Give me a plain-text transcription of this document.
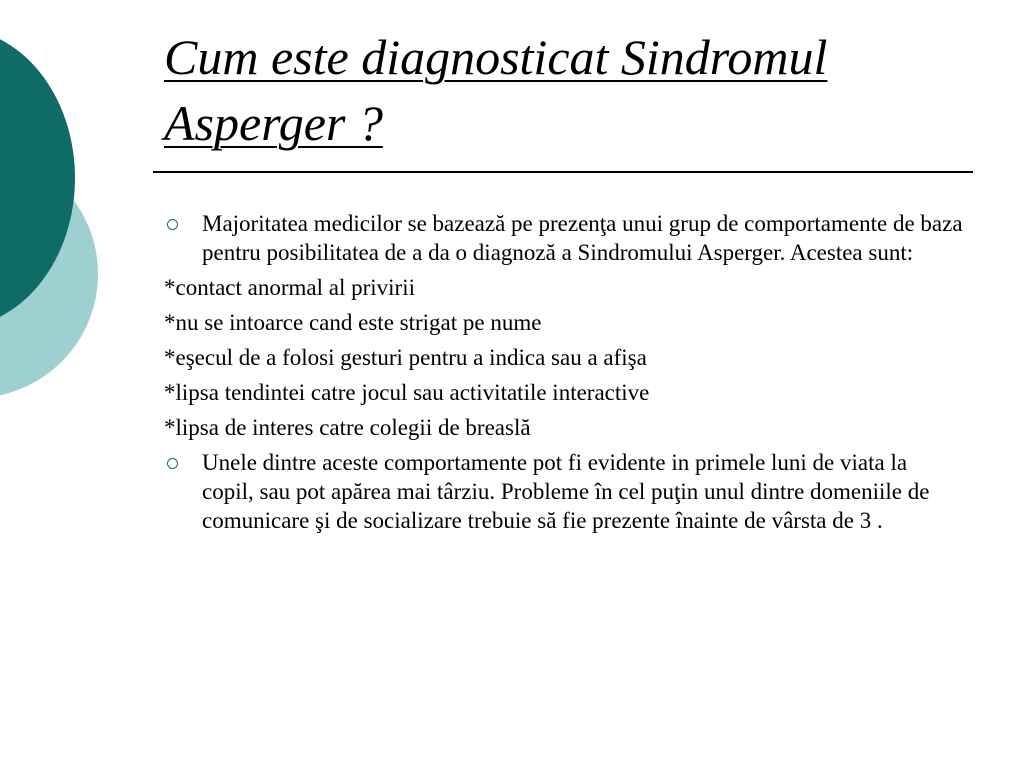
Cum este diagnosticat Sindromul Asperger ?
Majoritatea medicilor se bazează pe prezenţa unui grup de comportamente de baza pentru posibilitatea de a da o diagnoză a Sindromului Asperger. Acestea sunt:
*contact anormal al privirii
*nu se intoarce cand este strigat pe nume
*eşecul de a folosi gesturi pentru a indica sau a afişa
*lipsa tendintei catre jocul sau activitatile interactive
*lipsa de interes catre colegii de breaslă
Unele dintre aceste comportamente pot fi evidente in primele luni de viata la copil, sau pot apărea mai târziu. Probleme în cel puţin unul dintre domeniile de comunicare şi de socializare trebuie să fie prezente înainte de vârsta de 3 .
